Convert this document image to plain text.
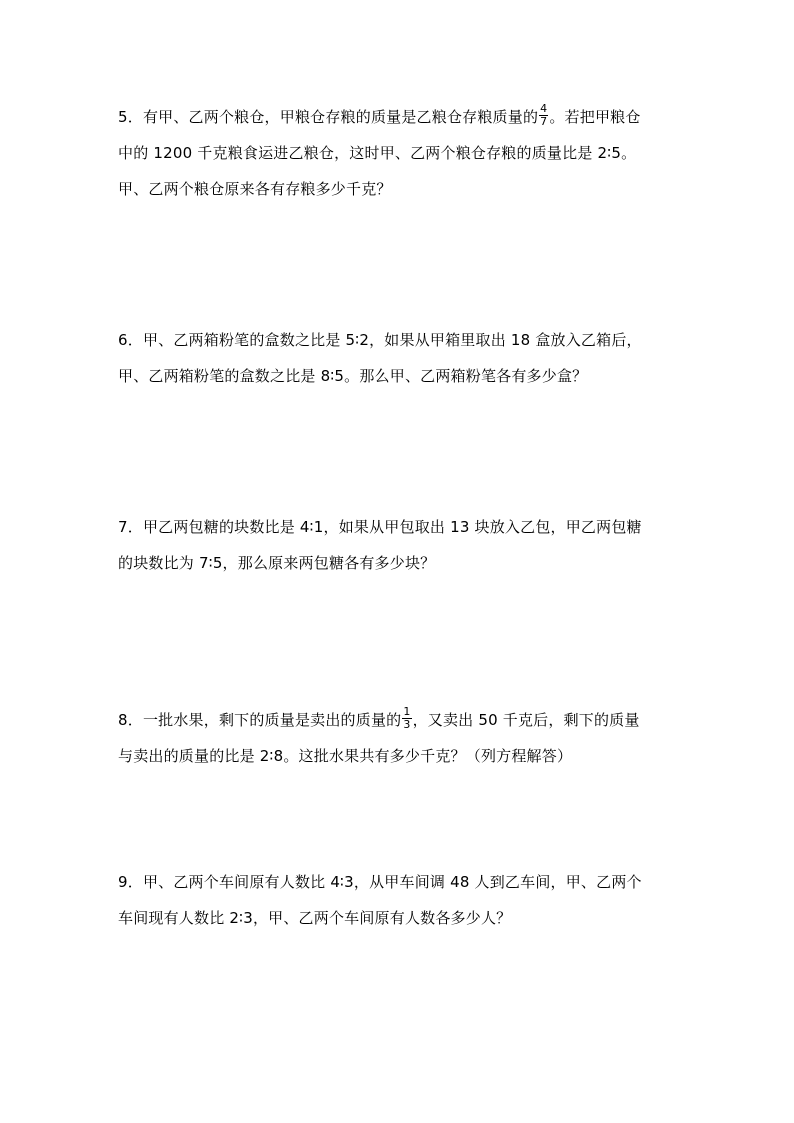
5．有甲、乙两个粮仓，甲粮仓存粮的质量是乙粮仓存粮质量的 $\frac{4}{7}$ 。若把甲粮仓
中的 1200 千克粮食运进乙粮仓，这时甲、乙两个粮仓存粮的质量比是 2∶5。
甲、乙两个粮仓原来各有存粮多少千克？
6．甲、乙两箱粉笔的盒数之比是 5∶2，如果从甲箱里取出 18 盒放入乙箱后，
甲、乙两箱粉笔的盒数之比是 8∶5。那么甲、乙两箱粉笔各有多少盒？
7．甲乙两包糖的块数比是 4∶1，如果从甲包取出 13 块放入乙包，甲乙两包糖
的块数比为 7∶5，那么原来两包糖各有多少块？
8．一批水果，剩下的质量是卖出的质量的 $\frac{1}{3}$ ，又卖出 50 千克后，剩下的质量
与卖出的质量的比是 2∶8。这批水果共有多少千克？（列方程解答）
9．甲、乙两个车间原有人数比 4∶3，从甲车间调 48 人到乙车间，甲、乙两个
车间现有人数比 2∶3，甲、乙两个车间原有人数各多少人？
